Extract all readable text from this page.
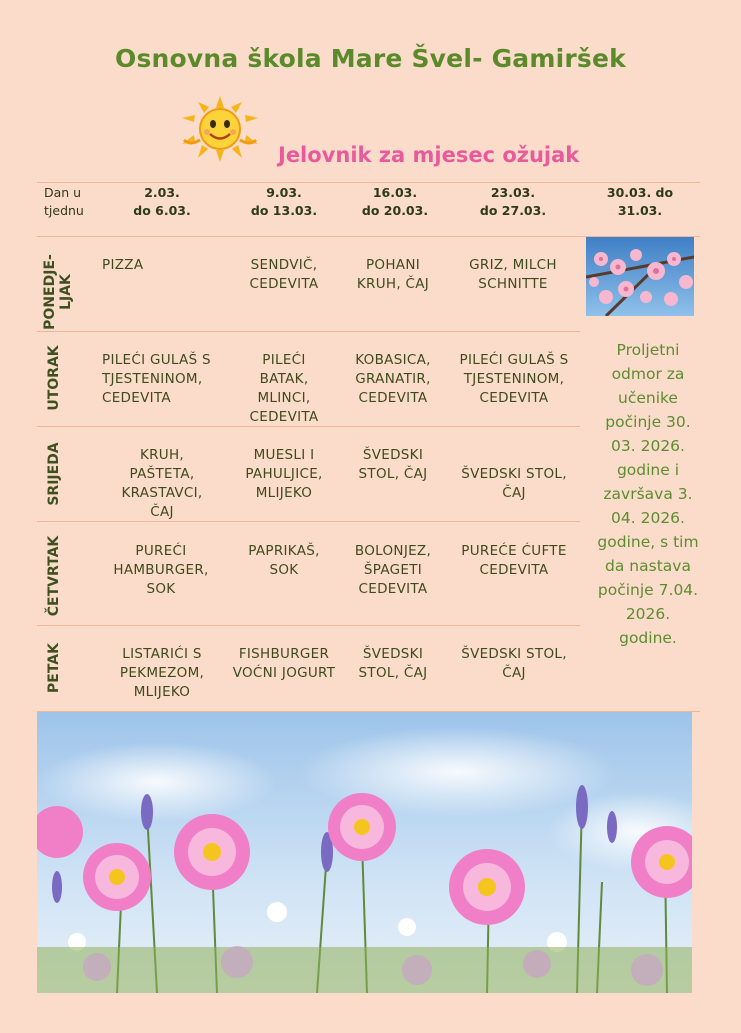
Osnovna škola Mare Švel- Gamiršek
Jelovnik za mjesec ožujak
Dan u tjednu
2.03.
do 6.03.
9.03.
do 13.03.
16.03.
do 20.03.
23.03.
do 27.03.
30.03. do
31.03.
PONEDJE-LJAK
UTORAK
SRIJEDA
ČETVRTAK
PETAK
PIZZA	SENDVIČ, CEDEVITA
POHANI KRUH, ČAJ
GRIZ, MILCH SCHNITTE
PILEĆI GULAŠ S TJESTENINOM, CEDEVITA
PILEĆI BATAK, MLINCI, CEDEVITA
KOBASICA, GRANATIR, CEDEVITA
PILEĆI GULAŠ S TJESTENINOM, CEDEVITA
KRUH, PAŠTETA, KRASTAVCI, ČAJ
MUESLI I PAHULJICE, MLIJEKO
ŠVEDSKI STOL, ČAJ	ŠVEDSKI STOL, ČAJ
PUREĆI HAMBURGER, SOK
PAPRIKAŠ, SOK
BOLONJEZ, ŠPAGETI CEDEVITA
PUREĆE ĆUFTE CEDEVITA
LISTARIĆI S PEKMEZOM, MLIJEKO
FISHBURGER VOĆNI JOGURT
ŠVEDSKI STOL, ČAJ
ŠVEDSKI STOL, ČAJ
Proljetni odmor za učenike počinje 30. 03. 2026. godine i završava 3. 04. 2026. godine, s tim da nastava počinje 7.04. 2026. godine.
